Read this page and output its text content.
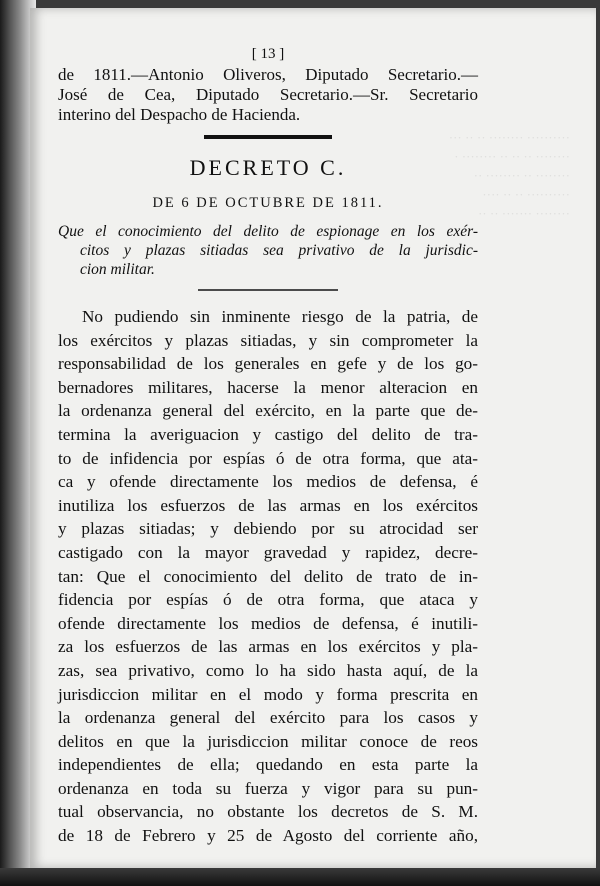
·········· ········ ·· ·· ···
········ ·· ·· ·· ········ ·
········ ·· ········ ··
·········· ·· ·· ····
········ ······· ·· ··
[ 13 ]

de 1811.—Antonio Oliveros, Diputado Secretario.—

José de Cea, Diputado Secretario.—Sr. Secretario

interino del Despacho de Hacienda.

DECRETO C.
DE 6 DE OCTUBRE DE 1811.

Que el conocimiento del delito de espionage en los exér-

citos y plazas sitiadas sea privativo de la jurisdic-

cion militar.

No pudiendo sin inminente riesgo de la patria, de

los exércitos y plazas sitiadas, y sin comprometer la

responsabilidad de los generales en gefe y de los go-

bernadores militares, hacerse la menor alteracion en

la ordenanza general del exército, en la parte que de-

termina la averiguacion y castigo del delito de tra-

to de infidencia por espías ó de otra forma, que ata-

ca y ofende directamente los medios de defensa, é

inutiliza los esfuerzos de las armas en los exércitos

y plazas sitiadas; y debiendo por su atrocidad ser

castigado con la mayor gravedad y rapidez, decre-

tan: Que el conocimiento del delito de trato de in-

fidencia por espías ó de otra forma, que ataca y

ofende directamente los medios de defensa, é inutili-

za los esfuerzos de las armas en los exércitos y pla-

zas, sea privativo, como lo ha sido hasta aquí, de la

jurisdiccion militar en el modo y forma prescrita en

la ordenanza general del exército para los casos y

delitos en que la jurisdiccion militar conoce de reos

independientes de ella; quedando en esta parte la

ordenanza en toda su fuerza y vigor para su pun-

tual observancia, no obstante los decretos de S. M.

de 18 de Febrero y 25 de Agosto del corriente año,
